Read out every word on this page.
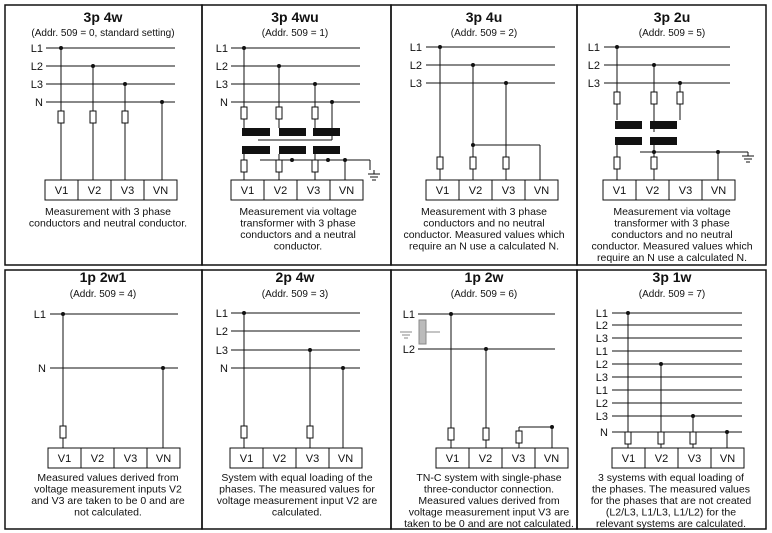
3p 4w
(Addr. 509 = 0, standard setting)
L1
L2
L3
N
V1 V2 V3 VN
Measurement with 3 phase
conductors and neutral conductor.
3p 4wu
(Addr. 509 = 1)
L1
L2
L3
N
V1 V2 V3 VN
Measurement via voltage
transformer with 3 phase
conductors and a neutral
conductor.
3p 4u
(Addr. 509 = 2)
L1
L2
L3
V1 V2 V3 VN
Measurement with 3 phase
conductors and no neutral
conductor. Measured values which
require an N use a calculated N.
3p 2u
(Addr. 509 = 5)
L1
L2
L3
V1 V2 V3 VN
Measurement via voltage
transformer with 3 phase
conductors and no neutral
conductor. Measured values which
require an N use a calculated N.
1p 2w1
(Addr. 509 = 4)
L1
N
V1 V2 V3 VN
Measured values derived from
voltage measurement inputs V2
and V3 are taken to be 0 and are
not calculated.
2p 4w
(Addr. 509 = 3)
L1
L2
L3
N
V1 V2 V3 VN
System with equal loading of the
phases. The measured values for
voltage measurement input V2 are
calculated.
1p 2w
(Addr. 509 = 6)
L1
L2
V1 V2 V3 VN
TN-C system with single-phase
three-conductor connection.
Measured values derived from
voltage measurement input V3 are
taken to be 0 and are not calculated.
3p 1w
(Addr. 509 = 7)
L1
L2
L3
L1
L2
L3
L1
L2
L3
N
V1 V2 V3 VN
3 systems with equal loading of
the phases. The measured values
for the phases that are not created
(L2/L3, L1/L3, L1/L2) for the
relevant systems are calculated.
